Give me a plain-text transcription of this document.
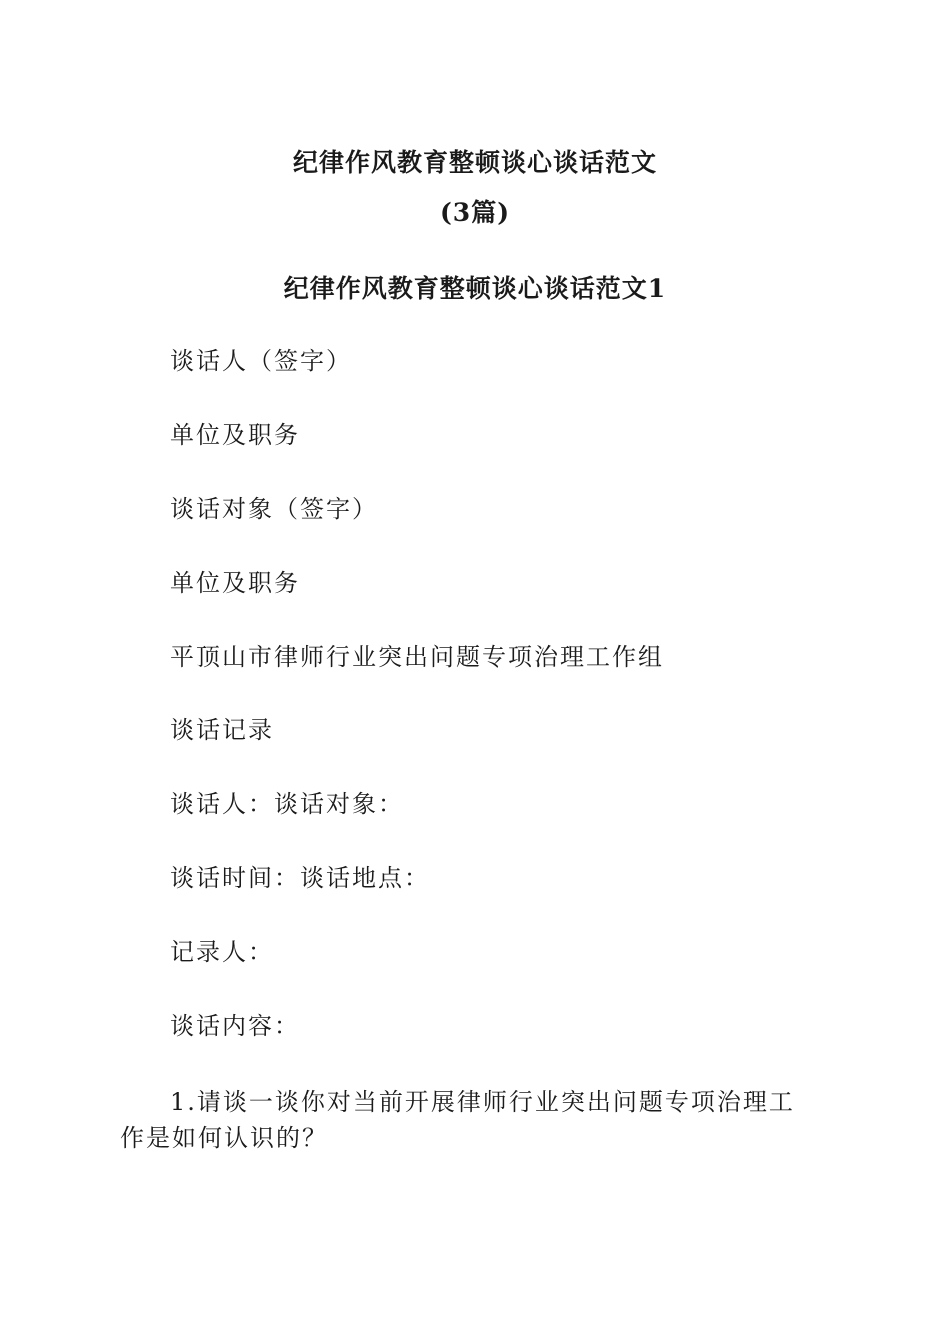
纪律作风教育整顿谈心谈话范文
(3篇)
纪律作风教育整顿谈心谈话范文1

谈话人（签字）

单位及职务

谈话对象（签字）

单位及职务

平顶山市律师行业突出问题专项治理工作组

谈话记录

谈话人：谈话对象：

谈话时间：谈话地点：

记录人：

谈话内容：

1.请谈一谈你对当前开展律师行业突出问题专项治理工作是如何认识的？
